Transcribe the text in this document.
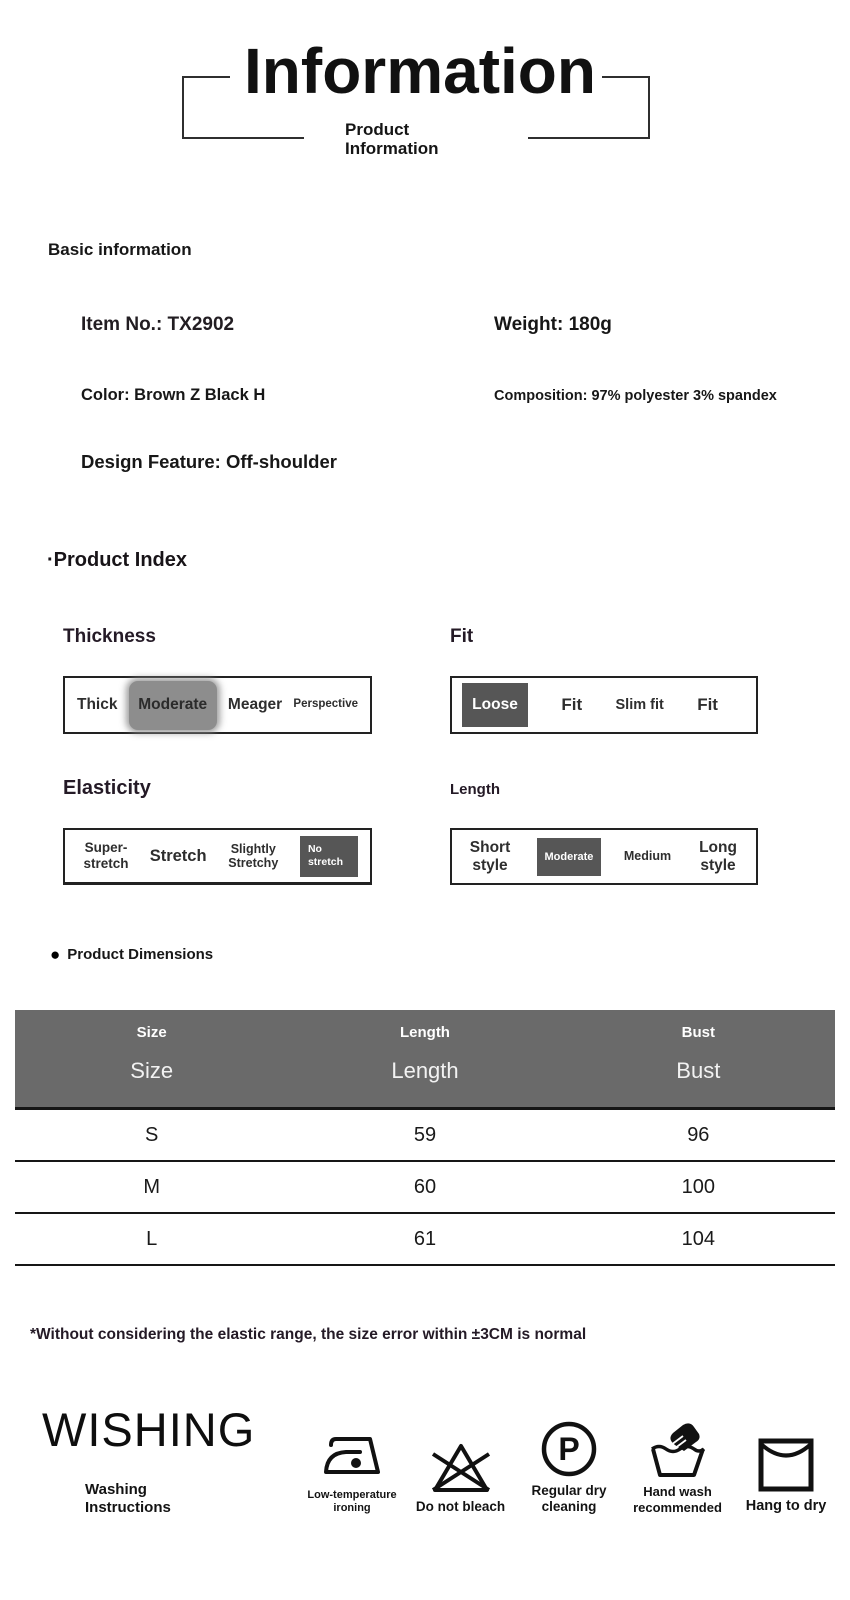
Information
Product Information
Basic information
Item No.: TX2902	Weight: 180g
Color: Brown Z Black H	Composition: 97% polyester 3% spandex
Design Feature: Off-shoulder
·Product Index
Thickness
Thick	Moderate	Meager Perspective
Fit
Loose	Fit Slim fit Fit
Elasticity
Super-stretch	Stretch	Slightly Stretchy
No stretch
Length
Short style	Moderate	Medium
Long style
● Product Dimensions
Size	Length	Bust
Size	Length	Bust
S	59	96
M	60	100
L	61	104
*Without considering the elastic range, the size error within ±3CM is normal
WISHING
Washing Instructions
Low-temperature ironing	Do not bleach
P
Regular dry cleaning
Hand wash recommended	Hang to dry
